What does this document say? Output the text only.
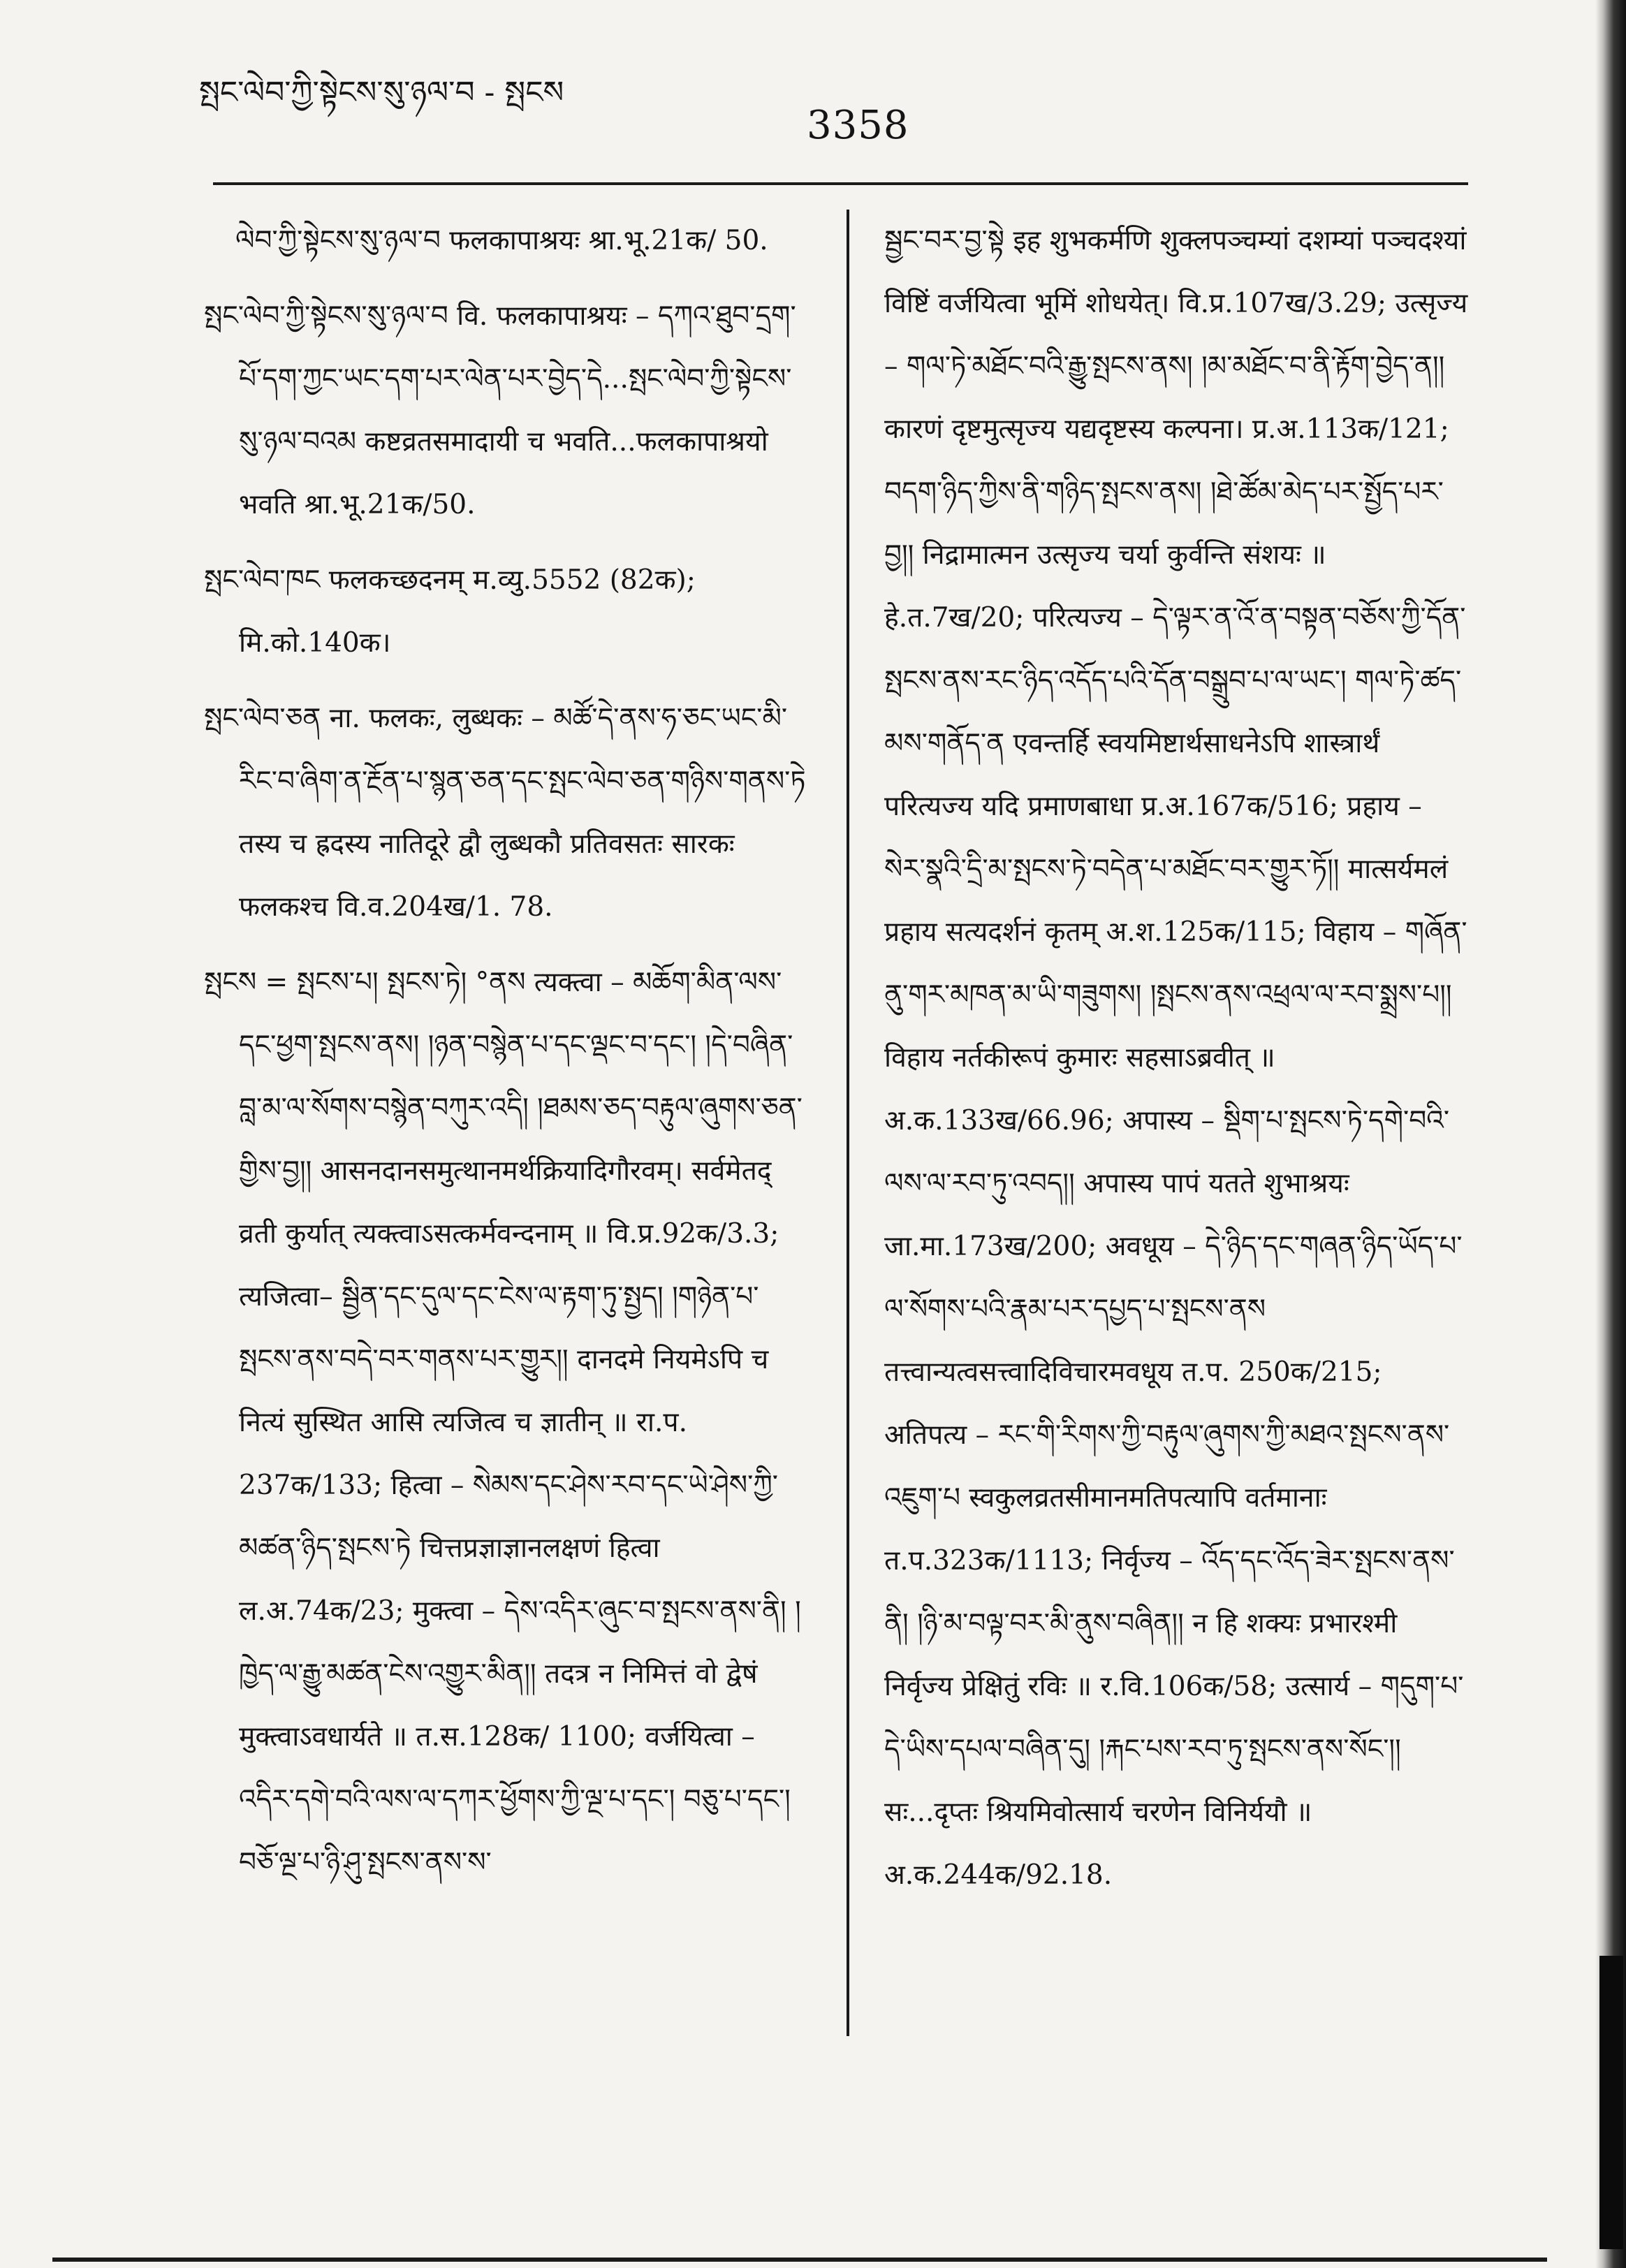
སྤང་ལེབ་ཀྱི་སྟེངས་སུ་ཉལ་བ - སྤངས
3358

ལེབ་ཀྱི་སྟེངས་སུ་ཉལ་བ फलकापाश्रयः श्रा.भू.21क/ 50.

སྤང་ལེབ་ཀྱི་སྟེངས་སུ་ཉལ་བ वि. फलकापाश्रयः – དཀའ་ཐུབ་དྲག་པོ་དག་ཀྱང་ཡང་དག་པར་ལེན་པར་བྱེད་དེ...སྤང་ལེབ་ཀྱི་སྟེངས་སུ་ཉལ་བའམ कष्टव्रतसमादायी च भवति...फलकापाश्रयो भवति श्रा.भू.21क/50.

སྤང་ལེབ་ཁང फलकच्छदनम् म.व्यु.5552 (82क); मि.को.140क।

སྤང་ལེབ་ཅན ना. फलकः, लुब्धकः – མཚོ་དེ་ནས་ཧ་ཅང་ཡང་མི་རིང་བ་ཞིག་ན་རྔོན་པ་སྙན་ཅན་དང་སྤང་ལེབ་ཅན་གཉིས་གནས་ཏེ तस्य च ह्रदस्य नातिदूरे द्वौ लुब्धकौ प्रतिवसतः सारकः फलकश्च वि.व.204ख/1. 78.

སྤངས = སྤངས་པ། སྤངས་ཏེ། °ནས त्यक्त्वा – མཆོག་མིན་ལས་དང་ཕྱག་སྤངས་ནས། །ཉན་བསྙེན་པ་དང་ལྡང་བ་དང་། །དེ་བཞིན་བླ་མ་ལ་སོགས་བསྙེན་བཀུར་འདི། །ཐམས་ཅད་བརྟུལ་ཞུགས་ཅན་གྱིས་བྱ།། आसनदानसमुत्थानमर्थक्रियादिगौरवम्। सर्वमेतद् व्रती कुर्यात् त्यक्त्वाऽसत्कर्मवन्दनाम् ॥ वि.प्र.92क/3.3; त्यजित्वा– སྦྱིན་དང་དུལ་དང་ངེས་ལ་རྟག་ཏུ་སྤྱད། །གཉེན་པ་སྤངས་ནས་བདེ་བར་གནས་པར་གྱུར།། दानदमे नियमेऽपि च नित्यं सुस्थित आसि त्यजित्व च ज्ञातीन् ॥ रा.प. 237क/133; हित्वा – སེམས་དང་ཤེས་རབ་དང་ཡེ་ཤེས་ཀྱི་མཚན་ཉིད་སྤངས་ཏེ चित्तप्रज्ञाज्ञानलक्षणं हित्वा ल.अ.74क/23; मुक्त्वा – དེས་འདིར་ཞུང་བ་སྤངས་ནས་ནི། །ཁྱེད་ལ་རྒྱུ་མཚན་ངེས་འགྱུར་མིན།། तदत्र न निमित्तं वो द्वेषं मुक्त्वाऽवधार्यते ॥ त.स.128क/ 1100; वर्जयित्वा – འདིར་དགེ་བའི་ལས་ལ་དཀར་ཕྱོགས་ཀྱི་ལྔ་པ་དང་། བཅུ་པ་དང་། བཅོ་ལྔ་པ་ཉི་ཤུ་སྤངས་ནས་ས་

སྦྱང་བར་བྱ་སྟེ इह शुभकर्मणि शुक्लपञ्चम्यां दशम्यां पञ्चदश्यां विष्टिं वर्जयित्वा भूमिं शोधयेत्। वि.प्र.107ख/3.29; उत्सृज्य – གལ་ཏེ་མཐོང་བའི་རྒྱུ་སྤངས་ནས། །མ་མཐོང་བ་ནི་རྟོག་བྱེད་ན།། कारणं दृष्टमुत्सृज्य यद्यदृष्टस्य कल्पना। प्र.अ.113क/121; བདག་ཉིད་ཀྱིས་ནི་གཉིད་སྤངས་ནས། །ཐེ་ཚོམ་མེད་པར་སྤྱོད་པར་བྱ།། निद्रामात्मन उत्सृज्य चर्या कुर्वन्ति संशयः ॥ हे.त.7ख/20; परित्यज्य – དེ་ལྟར་ན་འོ་ན་བསྟན་བཅོས་ཀྱི་དོན་སྤངས་ནས་རང་ཉིད་འདོད་པའི་དོན་བསྒྲུབ་པ་ལ་ཡང་། གལ་ཏེ་ཚད་མས་གནོད་ན एवन्तर्हि स्वयमिष्टार्थसाधनेऽपि शास्त्रार्थं परित्यज्य यदि प्रमाणबाधा प्र.अ.167क/516; प्रहाय – སེར་སྣའི་དྲི་མ་སྤངས་ཏེ་བདེན་པ་མཐོང་བར་གྱུར་ཏོ།། मात्सर्यमलं प्रहाय सत्यदर्शनं कृतम् अ.श.125क/115; विहाय – གཞོན་ནུ་གར་མཁན་མ་ཡི་གཟུགས། །སྤངས་ནས་འཕྲལ་ལ་རབ་སྨྲས་པ།། विहाय नर्तकीरूपं कुमारः सहसाऽब्रवीत् ॥ अ.क.133ख/66.96; अपास्य – སྡིག་པ་སྤངས་ཏེ་དགེ་བའི་ལས་ལ་རབ་ཏུ་འབད།། अपास्य पापं यतते शुभाश्रयः जा.मा.173ख/200; अवधूय – དེ་ཉིད་དང་གཞན་ཉིད་ཡོད་པ་ལ་སོགས་པའི་རྣམ་པར་དཔྱད་པ་སྤངས་ནས तत्त्वान्यत्वसत्त्वादिविचारमवधूय त.प. 250क/215; अतिपत्य – རང་གི་རིགས་ཀྱི་བརྟུལ་ཞུགས་ཀྱི་མཐའ་སྤངས་ནས་འཇུག་པ स्वकुलव्रतसीमानमतिपत्यापि वर्तमानाः त.प.323क/1113; निर्वृज्य – འོད་དང་འོད་ཟེར་སྤངས་ནས་ནི། །ཉི་མ་བལྟ་བར་མི་ནུས་བཞིན།། न हि शक्यः प्रभारश्मी निर्वृज्य प्रेक्षितुं रविः ॥ र.वि.106क/58; उत्सार्य – གདུག་པ་དེ་ཡིས་དཔལ་བཞིན་དུ། །རྐང་པས་རབ་ཏུ་སྤངས་ནས་སོང་།། सः...दृप्तः श्रियमिवोत्सार्य चरणेन विनिर्ययौ ॥ अ.क.244क/92.18.
